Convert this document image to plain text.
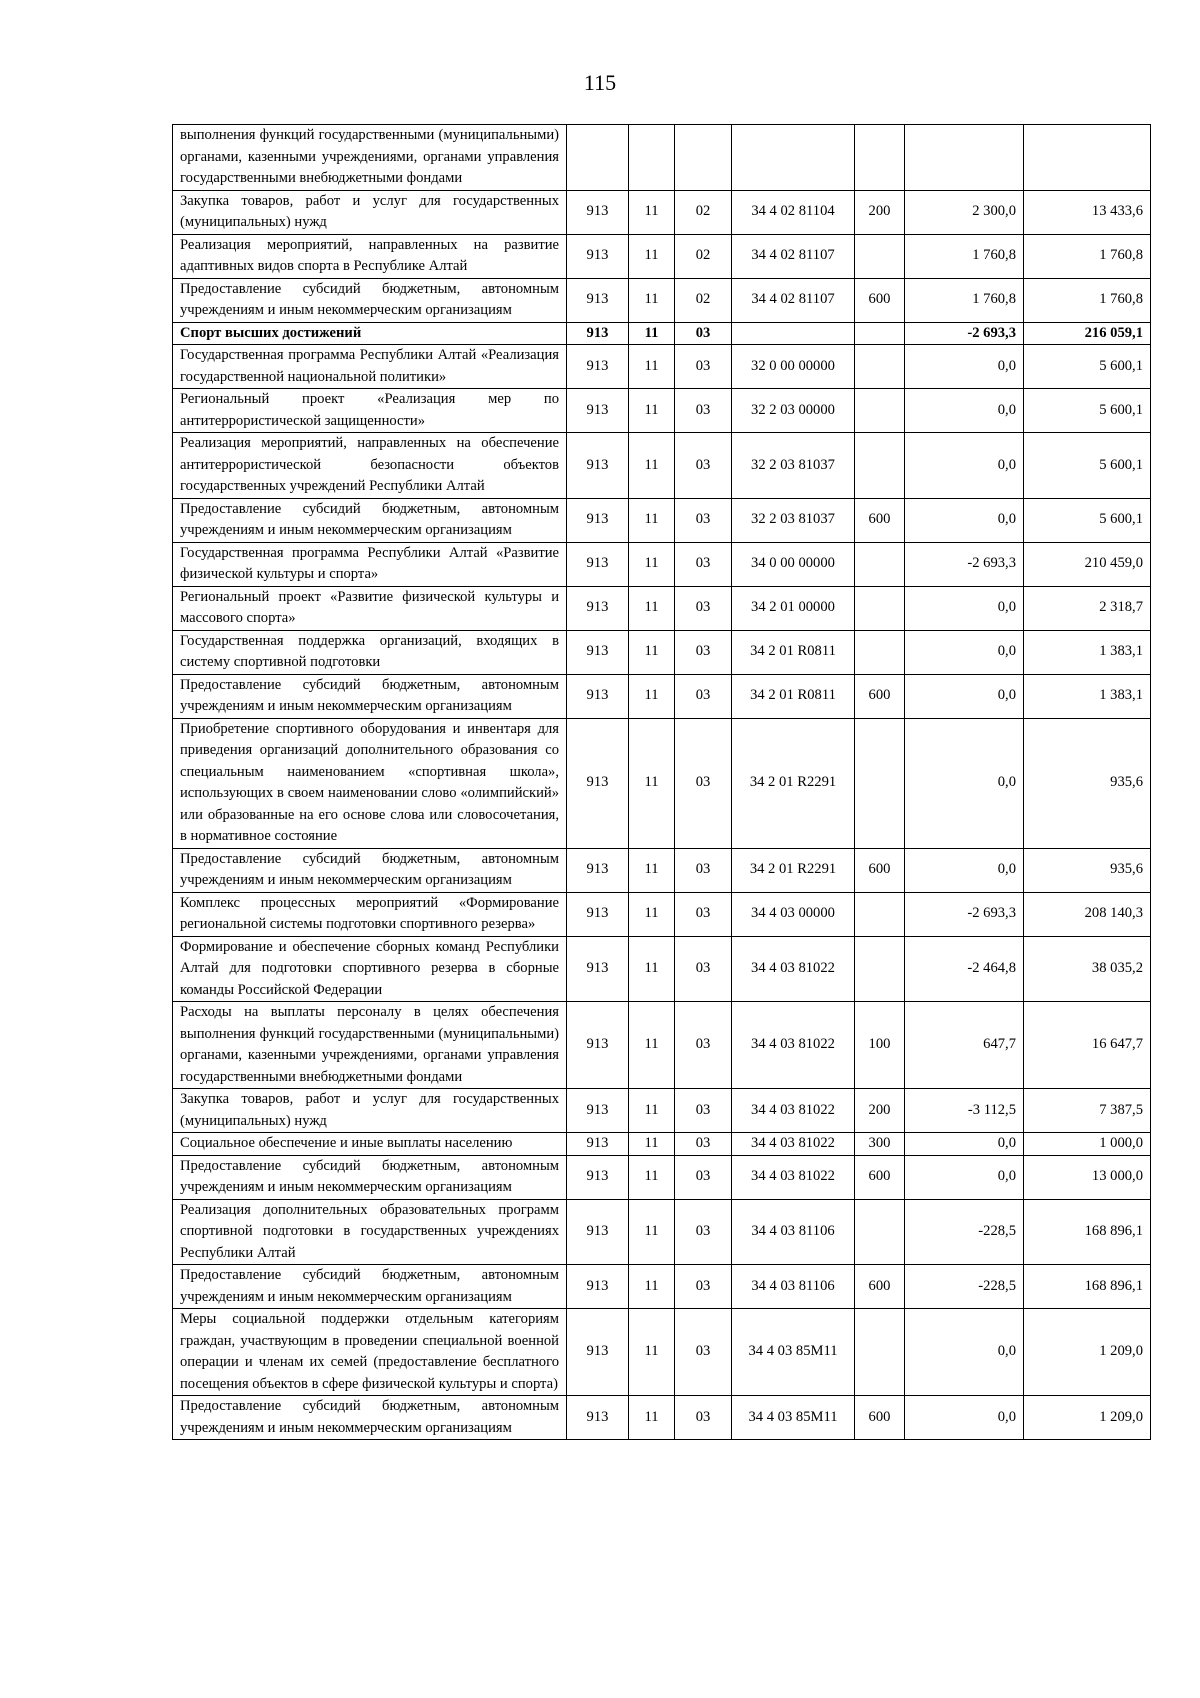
115
выполнения функций государственными (муниципальными) органами, казенными учреждениями, органами управления государственными внебюджетными фондами							
Закупка товаров, работ и услуг для государственных (муниципальных) нужд	913	11	02	34 4 02 81104	200	2 300,0	13 433,6
Реализация мероприятий, направленных на развитие адаптивных видов спорта в Республике Алтай	913	11	02	34 4 02 81107		1 760,8	1 760,8
Предоставление субсидий бюджетным, автономным учреждениям и иным некоммерческим организациям	913	11	02	34 4 02 81107	600	1 760,8	1 760,8
Спорт высших достижений	913	11	03			-2 693,3	216 059,1
Государственная программа Республики Алтай «Реализация государственной национальной политики»	913	11	03	32 0 00 00000		0,0	5 600,1
Региональный проект «Реализация мер по антитеррористической защищенности»	913	11	03	32 2 03 00000		0,0	5 600,1
Реализация мероприятий, направленных на обеспечение антитеррористической безопасности объектов государственных учреждений Республики Алтай	913	11	03	32 2 03 81037		0,0	5 600,1
Предоставление субсидий бюджетным, автономным учреждениям и иным некоммерческим организациям	913	11	03	32 2 03 81037	600	0,0	5 600,1
Государственная программа Республики Алтай «Развитие физической культуры и спорта»	913	11	03	34 0 00 00000		-2 693,3	210 459,0
Региональный проект «Развитие физической культуры и массового спорта»	913	11	03	34 2 01 00000		0,0	2 318,7
Государственная поддержка организаций, входящих в систему спортивной подготовки	913	11	03	34 2 01 R0811		0,0	1 383,1
Предоставление субсидий бюджетным, автономным учреждениям и иным некоммерческим организациям	913	11	03	34 2 01 R0811	600	0,0	1 383,1
Приобретение спортивного оборудования и инвентаря для приведения организаций дополнительного образования со специальным наименованием «спортивная школа», использующих в своем наименовании слово «олимпийский» или образованные на его основе слова или словосочетания, в нормативное состояние	913	11	03	34 2 01 R2291		0,0	935,6
Предоставление субсидий бюджетным, автономным учреждениям и иным некоммерческим организациям	913	11	03	34 2 01 R2291	600	0,0	935,6
Комплекс процессных мероприятий «Формирование региональной системы подготовки спортивного резерва»	913	11	03	34 4 03 00000		-2 693,3	208 140,3
Формирование и обеспечение сборных команд Республики Алтай для подготовки спортивного резерва в сборные команды Российской Федерации	913	11	03	34 4 03 81022		-2 464,8	38 035,2
Расходы на выплаты персоналу в целях обеспечения выполнения функций государственными (муниципальными) органами, казенными учреждениями, органами управления государственными внебюджетными фондами	913	11	03	34 4 03 81022	100	647,7	16 647,7
Закупка товаров, работ и услуг для государственных (муниципальных) нужд	913	11	03	34 4 03 81022	200	-3 112,5	7 387,5
Социальное обеспечение и иные выплаты населению	913	11	03	34 4 03 81022	300	0,0	1 000,0
Предоставление субсидий бюджетным, автономным учреждениям и иным некоммерческим организациям	913	11	03	34 4 03 81022	600	0,0	13 000,0
Реализация дополнительных образовательных программ спортивной подготовки в государственных учреждениях Республики Алтай	913	11	03	34 4 03 81106		-228,5	168 896,1
Предоставление субсидий бюджетным, автономным учреждениям и иным некоммерческим организациям	913	11	03	34 4 03 81106	600	-228,5	168 896,1
Меры социальной поддержки отдельным категориям граждан, участвующим в проведении специальной военной операции и членам их семей (предоставление бесплатного посещения объектов в сфере физической культуры и спорта)	913	11	03	34 4 03 85M11		0,0	1 209,0
Предоставление субсидий бюджетным, автономным учреждениям и иным некоммерческим организациям	913	11	03	34 4 03 85M11	600	0,0	1 209,0
